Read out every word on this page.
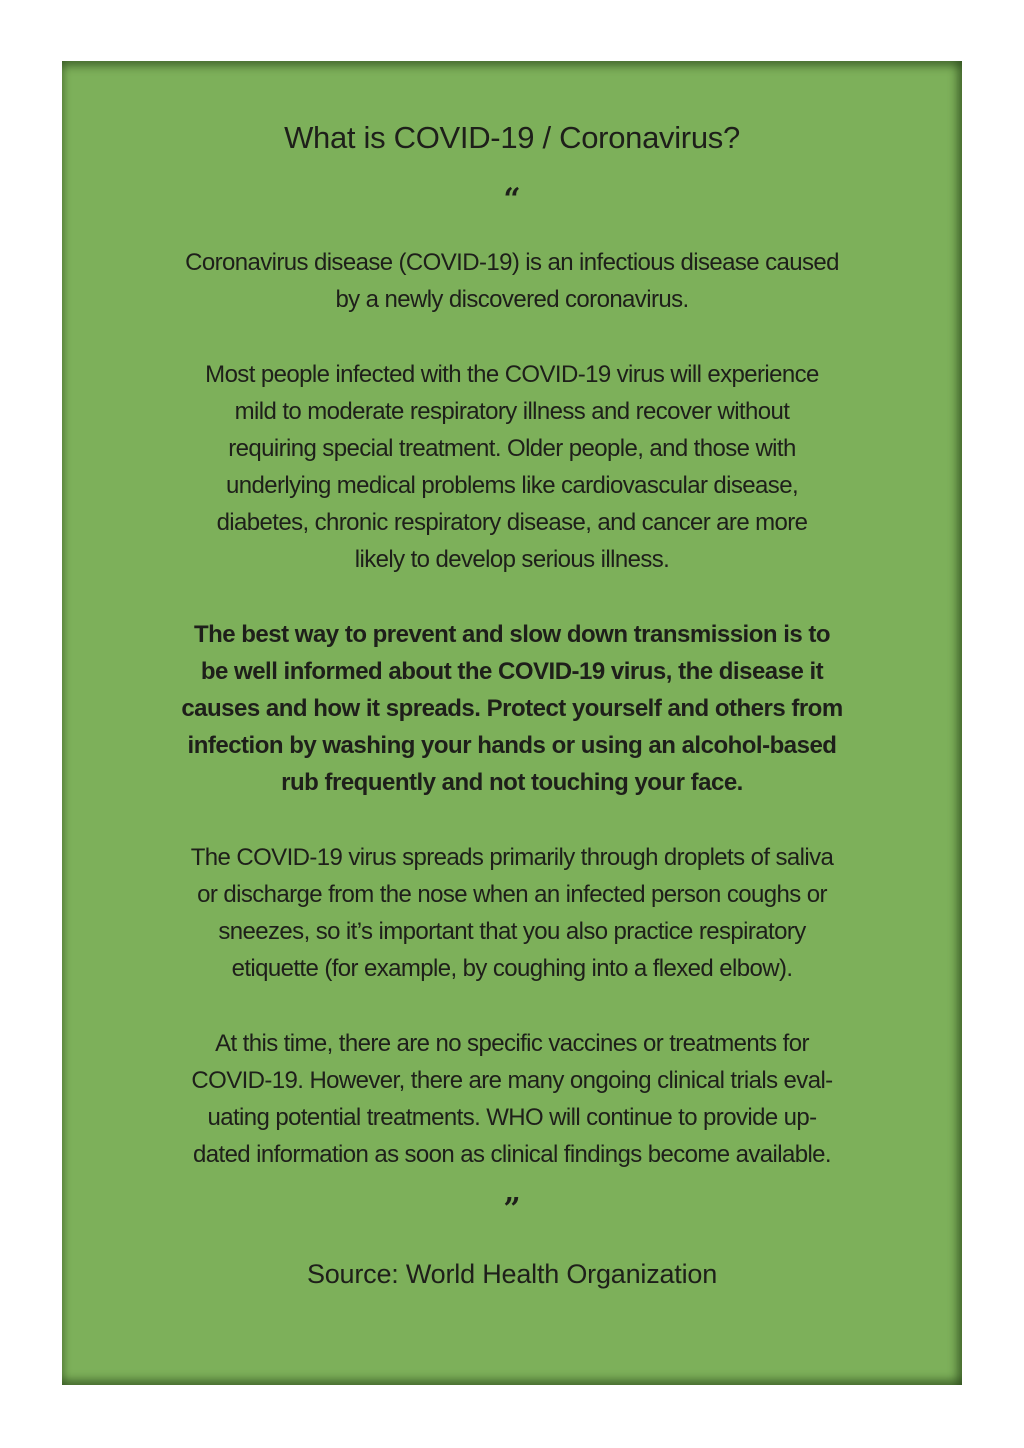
What is COVID-19 / Coronavirus?
“

Coronavirus disease (COVID-19) is an infectious disease caused
by a newly discovered coronavirus.

Most people infected with the COVID-19 virus will experience
mild to moderate respiratory illness and recover without
requiring special treatment. Older people, and those with
underlying medical problems like cardiovascular disease,
diabetes, chronic respiratory disease, and cancer are more
likely to develop serious illness.

The best way to prevent and slow down transmission is to
be well informed about the COVID-19 virus, the disease it
causes and how it spreads. Protect yourself and others from
infection by washing your hands or using an alcohol-based
rub frequently and not touching your face.

The COVID-19 virus spreads primarily through droplets of saliva
or discharge from the nose when an infected person coughs or
sneezes, so it’s important that you also practice respiratory
etiquette (for example, by coughing into a flexed elbow).

At this time, there are no specific vaccines or treatments for
COVID-19. However, there are many ongoing clinical trials eval-
uating potential treatments. WHO will continue to provide up-
dated information as soon as clinical findings become available.

”

Source: World Health Organization
